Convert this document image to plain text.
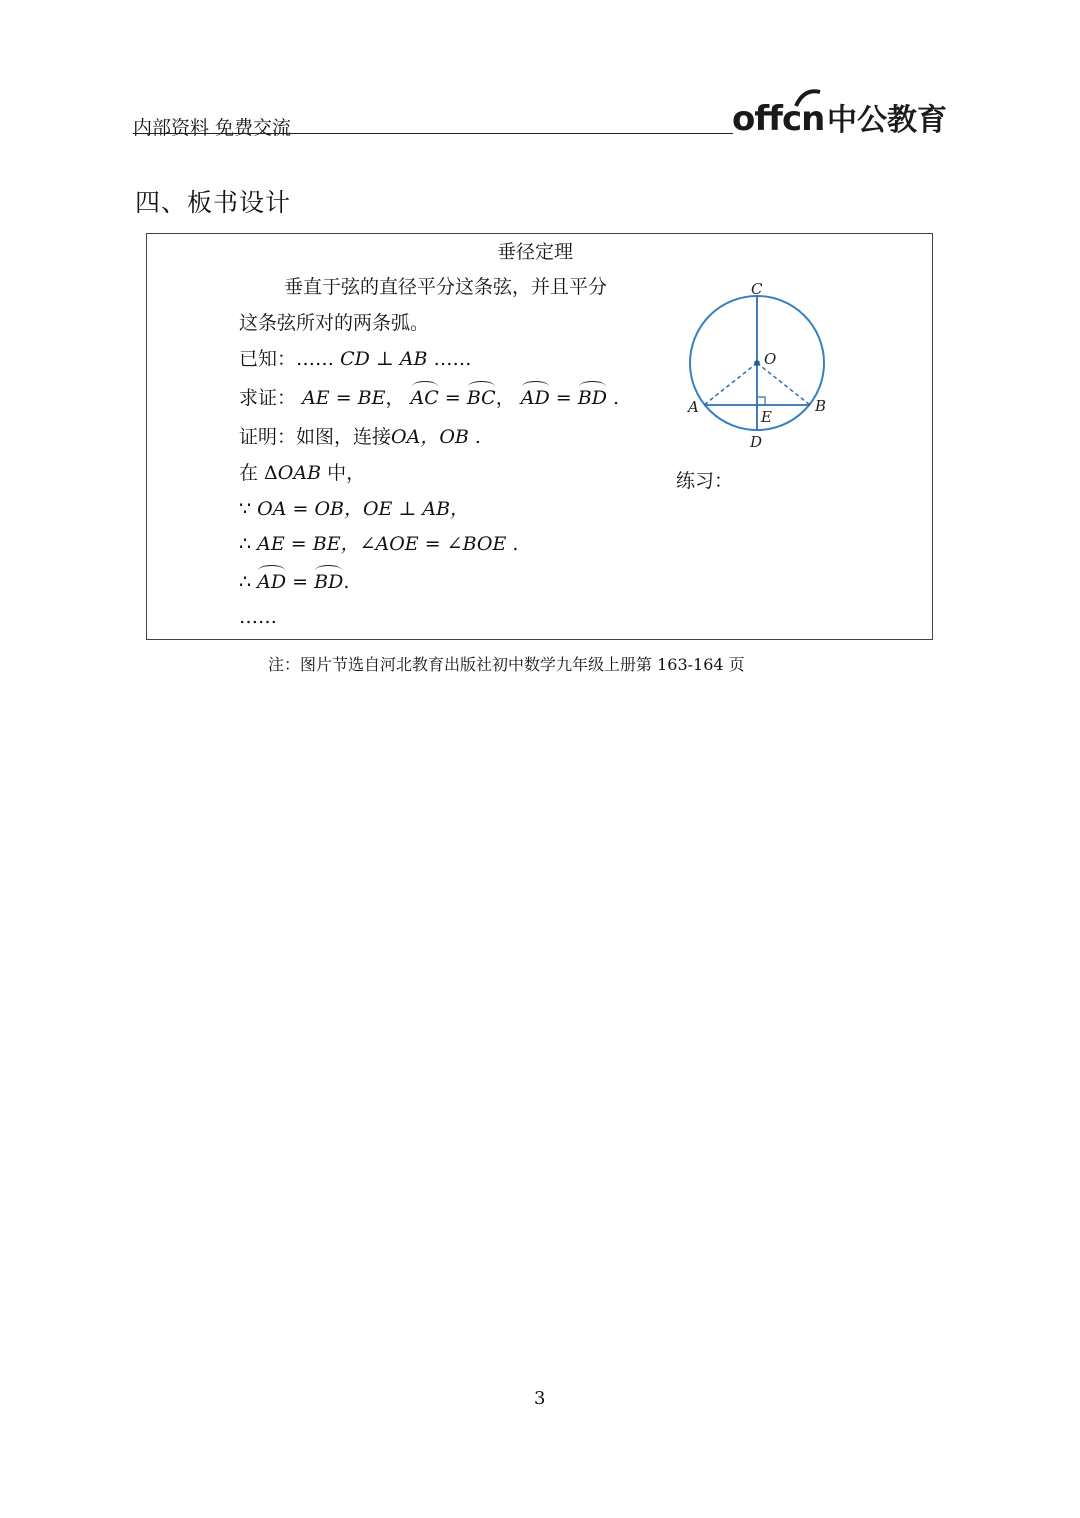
内部资料 免费交流	offcn 中公教育
四、板书设计
垂径定理
垂直于弦的直径平分这条弦，并且平分
这条弦所对的两条弧。
已知：…… CD ⊥ AB ……
求证： AE = BE， AC = BC， AD = BD .
证明：如图，连接OA，OB .
在 ΔOAB 中，
∵ OA = OB，OE ⊥ AB，
∴ AE = BE，∠AOE = ∠BOE .
∴ AD = BD.
……
练习：
C
O
A	B
E
D
注：图片节选自河北教育出版社初中数学九年级上册第 163-164 页
3
